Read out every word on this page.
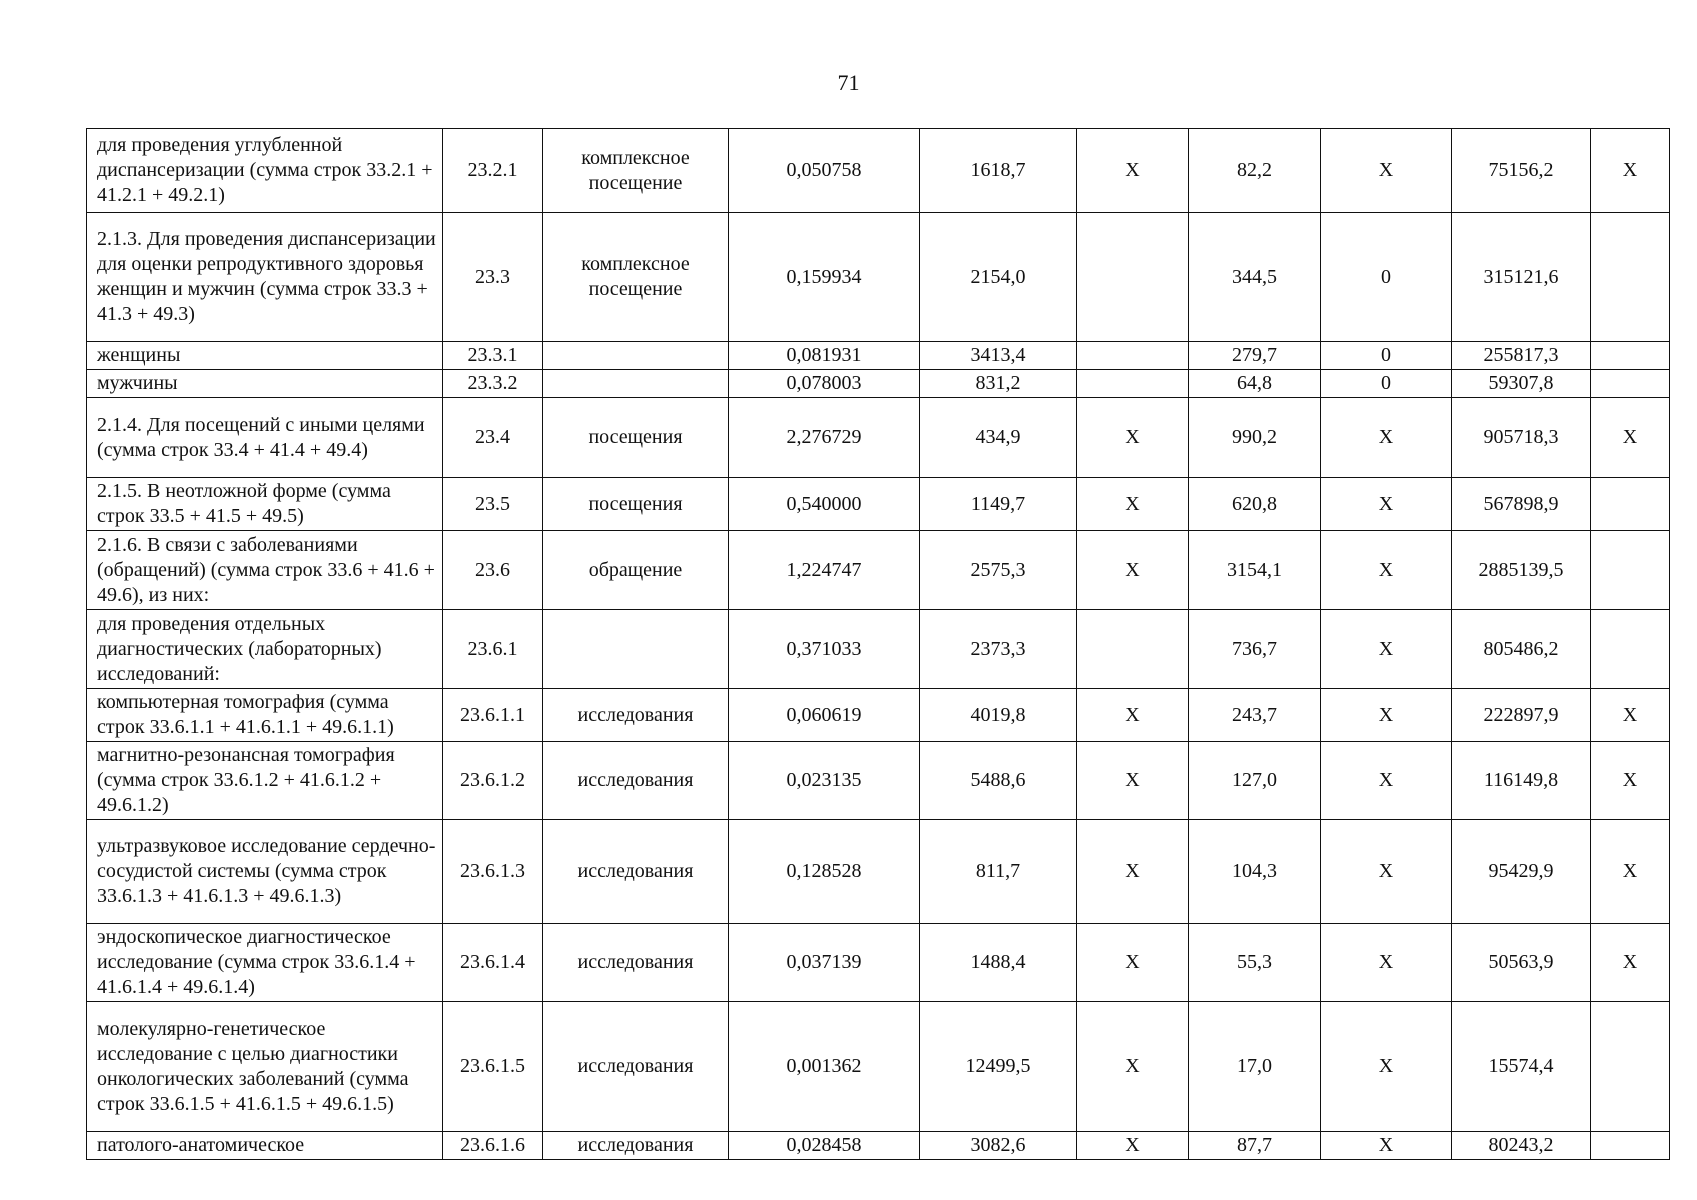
71
для проведения углубленной диспансеризации (сумма строк 33.2.1 + 41.2.1 + 49.2.1)	23.2.1	комплексное посещение	0,050758	1618,7	Х	82,2	Х	75156,2	Х
2.1.3. Для проведения диспансеризации для оценки репродуктивного здоровья женщин и мужчин (сумма строк 33.3 + 41.3 + 49.3)	23.3	комплексное посещение	0,159934	2154,0		344,5	0	315121,6	
женщины	23.3.1		0,081931	3413,4		279,7	0	255817,3	
мужчины	23.3.2		0,078003	831,2		64,8	0	59307,8	
2.1.4. Для посещений с иными целями (сумма строк 33.4 + 41.4 + 49.4)	23.4	посещения	2,276729	434,9	Х	990,2	Х	905718,3	Х
2.1.5. В неотложной форме (сумма строк 33.5 + 41.5 + 49.5)	23.5	посещения	0,540000	1149,7	Х	620,8	Х	567898,9	
2.1.6. В связи с заболеваниями (обращений) (сумма строк 33.6 + 41.6 + 49.6), из них:	23.6	обращение	1,224747	2575,3	Х	3154,1	Х	2885139,5	
для проведения отдельных диагностических (лабораторных) исследований:	23.6.1		0,371033	2373,3		736,7	Х	805486,2	
компьютерная томография (сумма строк 33.6.1.1 + 41.6.1.1 + 49.6.1.1)	23.6.1.1	исследования	0,060619	4019,8	Х	243,7	Х	222897,9	Х
магнитно-резонансная томография (сумма строк 33.6.1.2 + 41.6.1.2 + 49.6.1.2)	23.6.1.2	исследования	0,023135	5488,6	Х	127,0	Х	116149,8	Х
ультразвуковое исследование сердечно-сосудистой системы (сумма строк 33.6.1.3 + 41.6.1.3 + 49.6.1.3)	23.6.1.3	исследования	0,128528	811,7	Х	104,3	Х	95429,9	Х
эндоскопическое диагностическое исследование (сумма строк 33.6.1.4 + 41.6.1.4 + 49.6.1.4)	23.6.1.4	исследования	0,037139	1488,4	Х	55,3	Х	50563,9	Х
молекулярно-генетическое исследование с целью диагностики онкологических заболеваний (сумма строк 33.6.1.5 + 41.6.1.5 + 49.6.1.5)	23.6.1.5	исследования	0,001362	12499,5	Х	17,0	Х	15574,4	
патолого-анатомическое	23.6.1.6	исследования	0,028458	3082,6	Х	87,7	Х	80243,2	
